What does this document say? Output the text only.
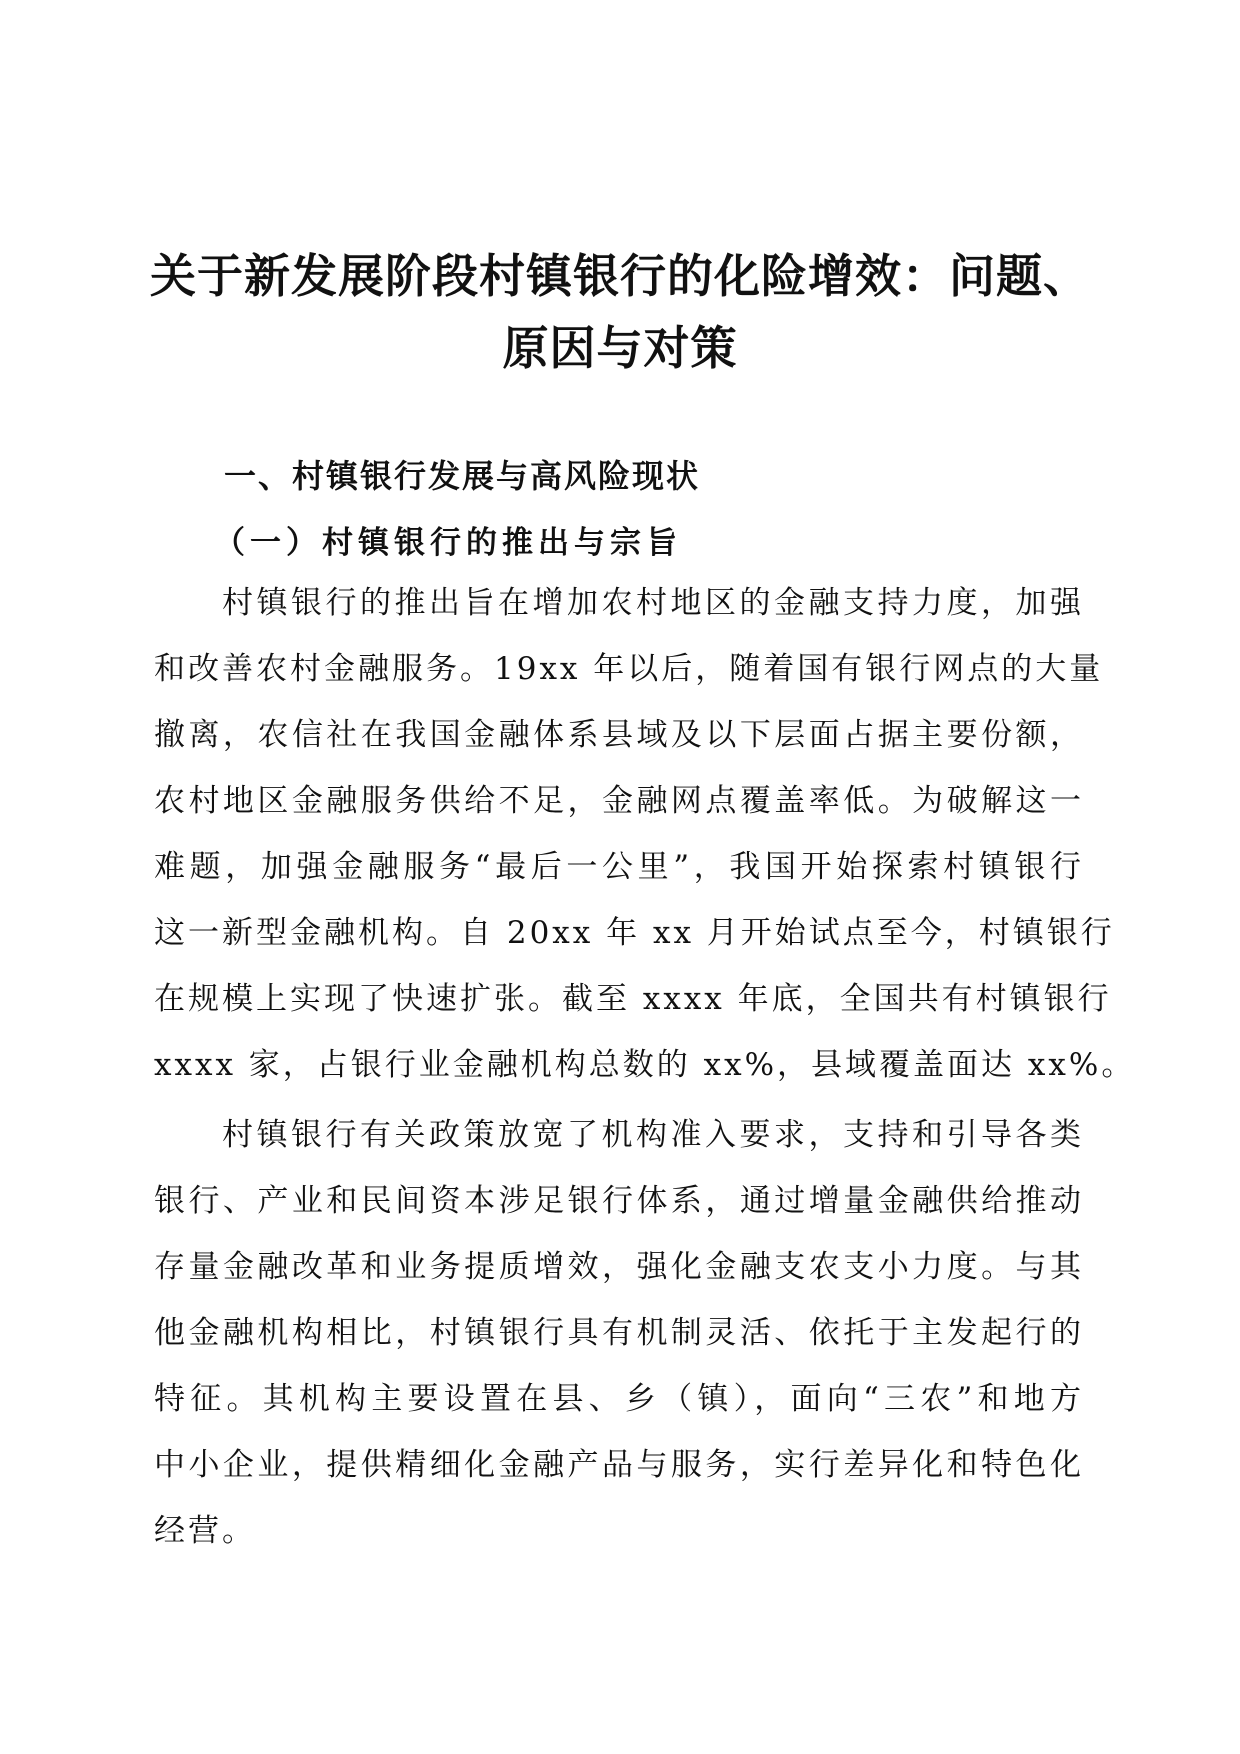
关于新发展阶段村镇银行的化险增效：问题、
原因与对策
一、村镇银行发展与高风险现状
（一）村镇银行的推出与宗旨
村镇银行的推出旨在增加农村地区的金融支持力度，加强
和改善农村金融服务。19xx 年以后，随着国有银行网点的大量
撤离，农信社在我国金融体系县域及以下层面占据主要份额，
农村地区金融服务供给不足，金融网点覆盖率低。为破解这一
难题，加强金融服务“最后一公里”，我国开始探索村镇银行
这一新型金融机构。自 20xx 年 xx 月开始试点至今，村镇银行
在规模上实现了快速扩张。截至 xxxx 年底，全国共有村镇银行
xxxx 家，占银行业金融机构总数的 xx%，县域覆盖面达 xx%。
村镇银行有关政策放宽了机构准入要求，支持和引导各类
银行、产业和民间资本涉足银行体系，通过增量金融供给推动
存量金融改革和业务提质增效，强化金融支农支小力度。与其
他金融机构相比，村镇银行具有机制灵活、依托于主发起行的
特征。其机构主要设置在县、乡（镇），面向“三农”和地方
中小企业，提供精细化金融产品与服务，实行差异化和特色化
经营。
